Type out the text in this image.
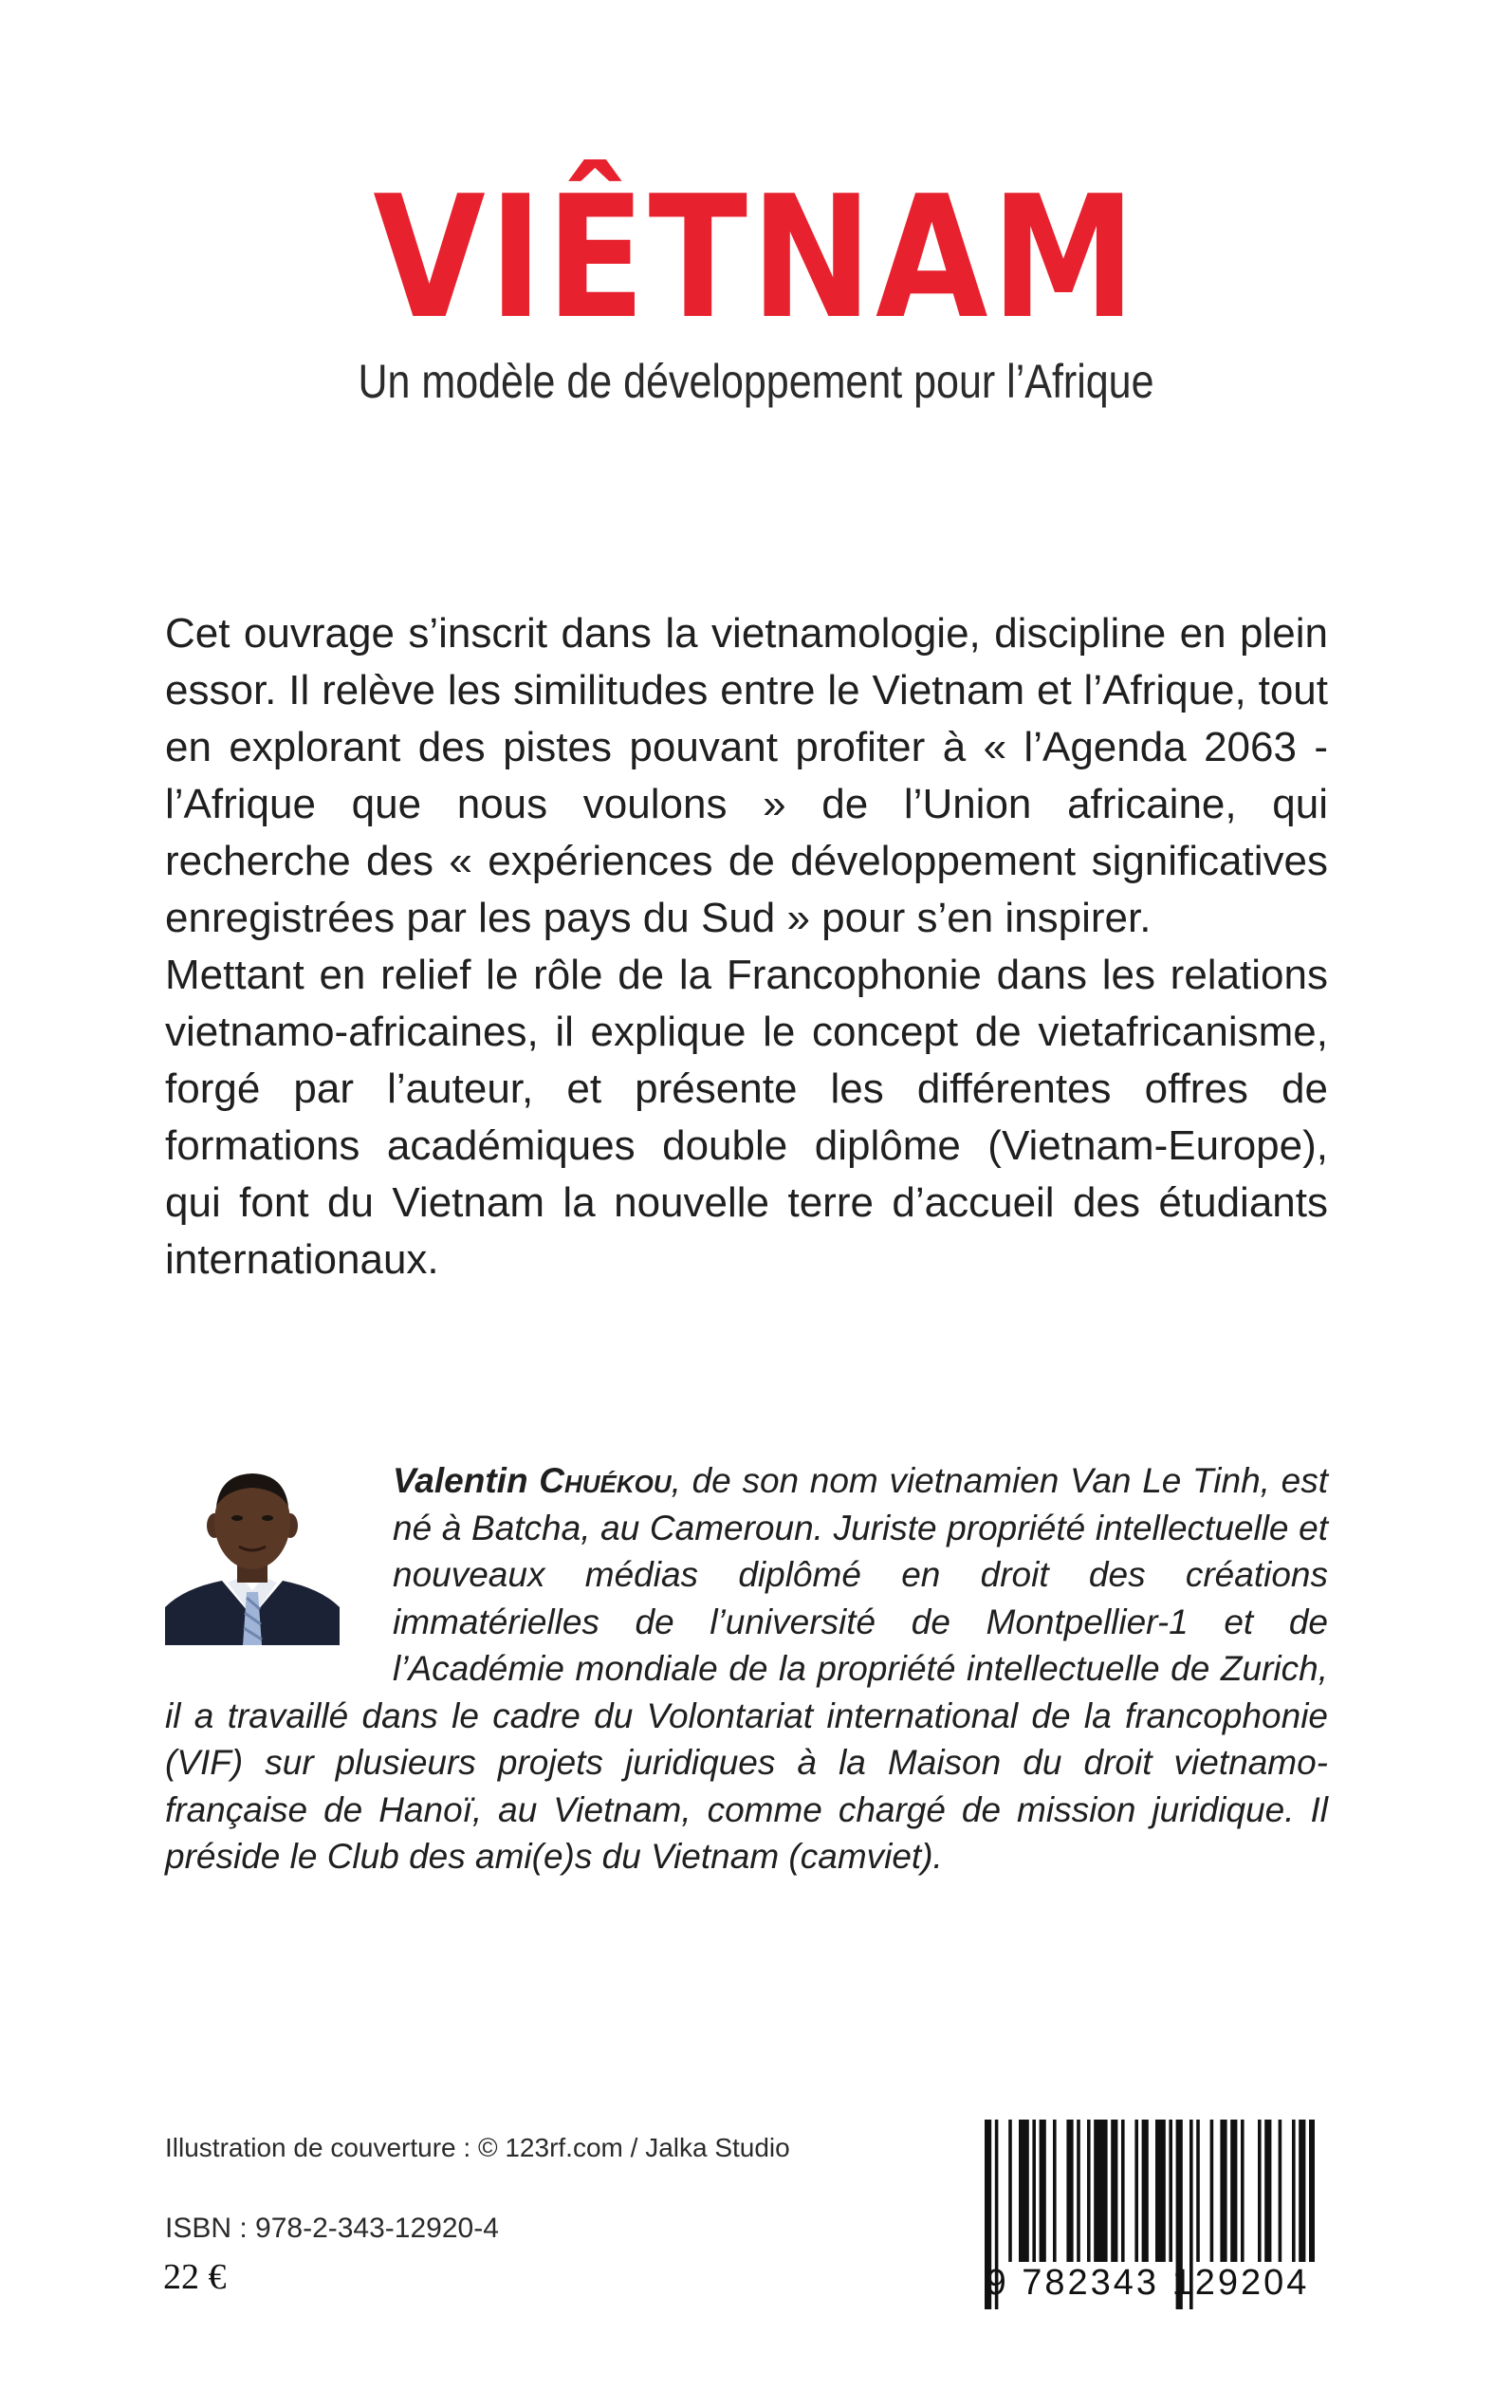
VIÊTNAM
Un modèle de développement pour l’Afrique

Cet ouvrage s’inscrit dans la vietnamologie, discipline en plein essor. Il relève les similitudes entre le Vietnam et l’Afrique, tout en explorant des pistes pouvant profiter à « l’Agenda 2063 - l’Afrique que nous voulons » de l’Union africaine, qui recherche des « expériences de développement significatives enregistrées par les pays du Sud » pour s’en inspirer.

Mettant en relief le rôle de la Francophonie dans les relations vietnamo-africaines, il explique le concept de vietafricanisme, forgé par l’auteur, et présente les différentes offres de formations académiques double diplôme (Vietnam-Europe), qui font du Vietnam la nouvelle terre d’accueil des étudiants internationaux.

Valentin Chuékou, de son nom vietnamien Van Le Tinh, est né à Batcha, au Cameroun. Juriste propriété intellectuelle et nouveaux médias diplômé en droit des créations immatérielles de l’université de Montpellier-1 et de l’Académie mondiale de la propriété intellectuelle de Zurich, il a travaillé dans le cadre du Volontariat international de la francophonie (VIF) sur plusieurs projets juridiques à la Maison du droit vietnamo-française de Hanoï, au Vietnam, comme chargé de mission juridique. Il préside le Club des ami(e)s du Vietnam (camviet).
Illustration de couverture : © 123rf.com / Jalka Studio
ISBN : 978-2-343-12920-4
22 €	9 782343 129204
